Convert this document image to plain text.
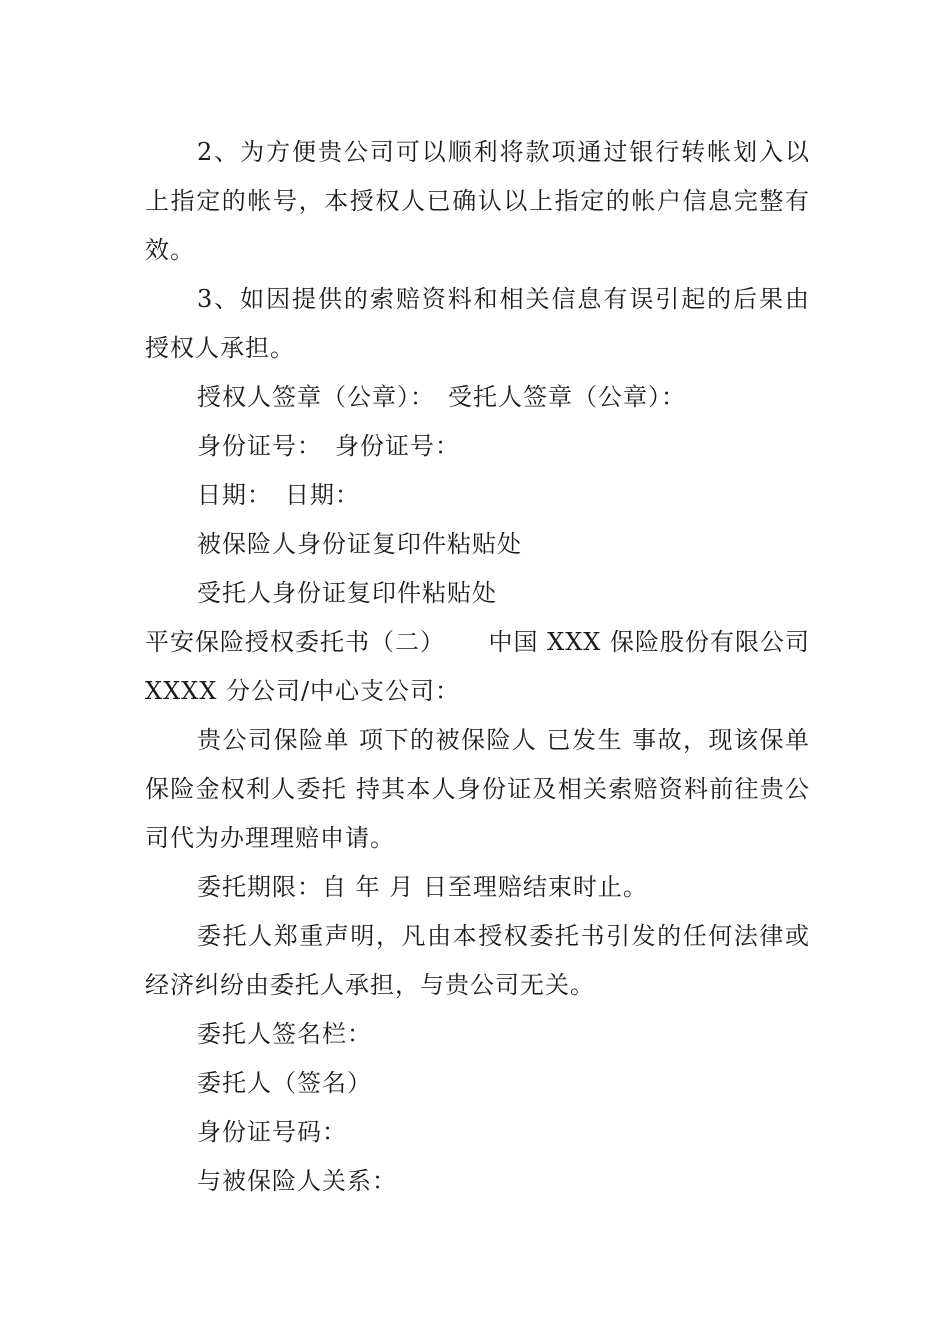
2、为方便贵公司可以顺利将款项通过银行转帐划入以上指定的帐号，本授权人已确认以上指定的帐户信息完整有效。

3、如因提供的索赔资料和相关信息有误引起的后果由授权人承担。

授权人签章（公章）：　受托人签章（公章）：

身份证号：　身份证号：

日期：　日期：

被保险人身份证复印件粘贴处

受托人身份证复印件粘贴处

平安保险授权委托书（二） 中国 XXX 保险股份有限公司

XXXX 分公司/中心支公司：

贵公司保险单 项下的被保险人 已发生 事故，现该保单保险金权利人委托 持其本人身份证及相关索赔资料前往贵公司代为办理理赔申请。

委托期限：自 年 月 日至理赔结束时止。

委托人郑重声明，凡由本授权委托书引发的任何法律或经济纠纷由委托人承担，与贵公司无关。

委托人签名栏：

委托人（签名）

身份证号码：

与被保险人关系：
